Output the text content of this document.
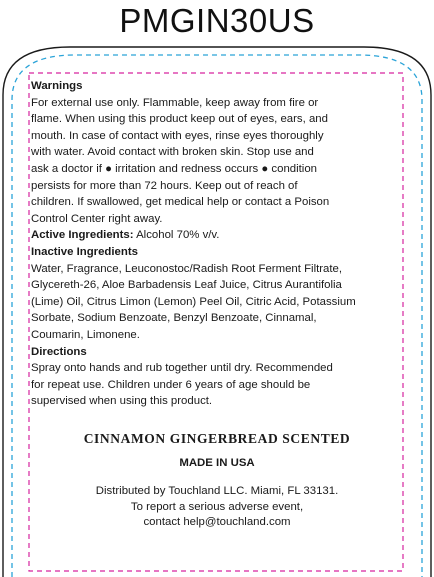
PMGIN30US
Warnings
For external use only. Flammable, keep away from fire or
flame. When using this product keep out of eyes, ears, and
mouth. In case of contact with eyes, rinse eyes thoroughly
with water. Avoid contact with broken skin. Stop use and
ask a doctor if ● irritation and redness occurs ● condition
persists for more than 72 hours. Keep out of reach of
children. If swallowed, get medical help or contact a Poison
Control Center right away.
Active Ingredients: Alcohol 70% v/v.
Inactive Ingredients
Water, Fragrance, Leuconostoc/Radish Root Ferment Filtrate,
Glycereth-26, Aloe Barbadensis Leaf Juice, Citrus Aurantifolia
(Lime) Oil, Citrus Limon (Lemon) Peel Oil, Citric Acid, Potassium
Sorbate, Sodium Benzoate, Benzyl Benzoate, Cinnamal,
Coumarin, Limonene.
Directions
Spray onto hands and rub together until dry. Recommended
for repeat use. Children under 6 years of age should be
supervised when using this product.
CINNAMON GINGERBREAD SCENTED
MADE IN USA
Distributed by Touchland LLC. Miami, FL 33131.
To report a serious adverse event,
contact help@touchland.com
